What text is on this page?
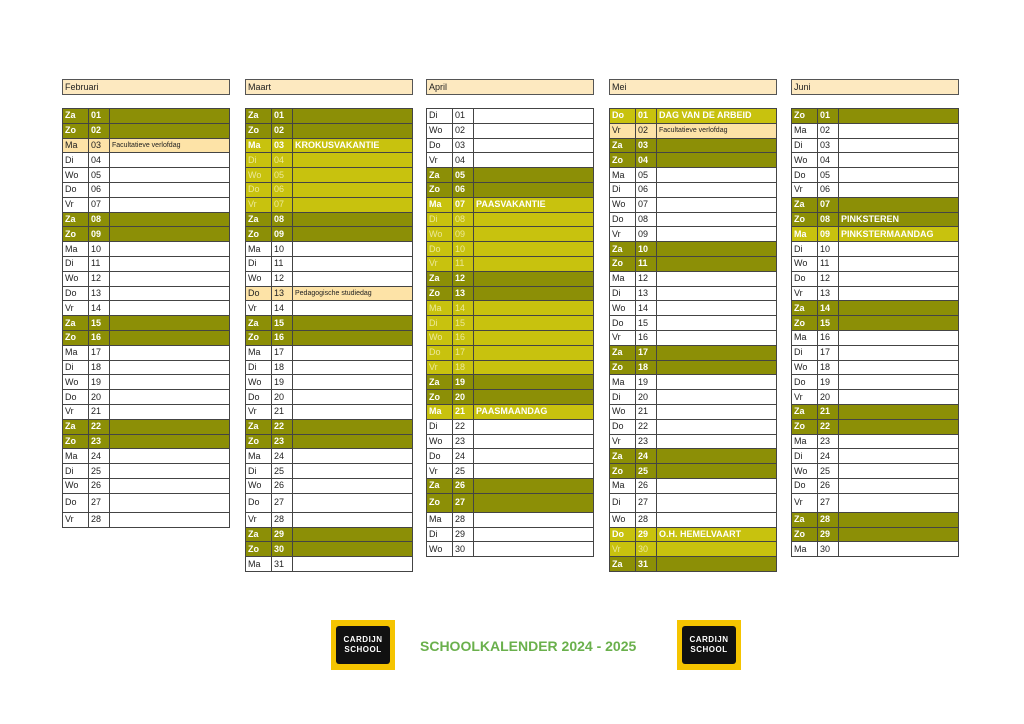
Februari
Za	01	
Zo	02	
Ma	03	Facultatieve verlofdag
Di	04	
Wo	05	
Do	06	
Vr	07	
Za	08	
Zo	09	
Ma	10	
Di	11	
Wo	12	
Do	13	
Vr	14	
Za	15	
Zo	16	
Ma	17	
Di	18	
Wo	19	
Do	20	
Vr	21	
Za	22	
Zo	23	
Ma	24	
Di	25	
Wo	26	
Do	27	
Vr	28	
Maart
Za	01	
Zo	02	
Ma	03	KROKUSVAKANTIE
Di	04	
Wo	05	
Do	06	
Vr	07	
Za	08	
Zo	09	
Ma	10	
Di	11	
Wo	12	
Do	13	Pedagogische studiedag
Vr	14	
Za	15	
Zo	16	
Ma	17	
Di	18	
Wo	19	
Do	20	
Vr	21	
Za	22	
Zo	23	
Ma	24	
Di	25	
Wo	26	
Do	27	
Vr	28	
Za	29	
Zo	30	
Ma	31	
April
Di	01	
Wo	02	
Do	03	
Vr	04	
Za	05	
Zo	06	
Ma	07	PAASVAKANTIE
Di	08	
Wo	09	
Do	10	
Vr	11	
Za	12	
Zo	13	
Ma	14	
Di	15	
Wo	16	
Do	17	
Vr	18	
Za	19	
Zo	20	
Ma	21	PAASMAANDAG
Di	22	
Wo	23	
Do	24	
Vr	25	
Za	26	
Zo	27	
Ma	28	
Di	29	
Wo	30	
Mei
Do	01	DAG VAN DE ARBEID
Vr	02	Facultatieve verlofdag
Za	03	
Zo	04	
Ma	05	
Di	06	
Wo	07	
Do	08	
Vr	09	
Za	10	
Zo	11	
Ma	12	
Di	13	
Wo	14	
Do	15	
Vr	16	
Za	17	
Zo	18	
Ma	19	
Di	20	
Wo	21	
Do	22	
Vr	23	
Za	24	
Zo	25	
Ma	26	
Di	27	
Wo	28	
Do	29	O.H. HEMELVAART
Vr	30	
Za	31	
Juni
Zo	01	
Ma	02	
Di	03	
Wo	04	
Do	05	
Vr	06	
Za	07	
Zo	08	PINKSTEREN
Ma	09	PINKSTERMAANDAG
Di	10	
Wo	11	
Do	12	
Vr	13	
Za	14	
Zo	15	
Ma	16	
Di	17	
Wo	18	
Do	19	
Vr	20	
Za	21	
Zo	22	
Ma	23	
Di	24	
Wo	25	
Do	26	
Vr	27	
Za	28	
Zo	29	
Ma	30	
CARDIJN
SCHOOL	SCHOOLKALENDER 2024 - 2025	CARDIJN
SCHOOL
